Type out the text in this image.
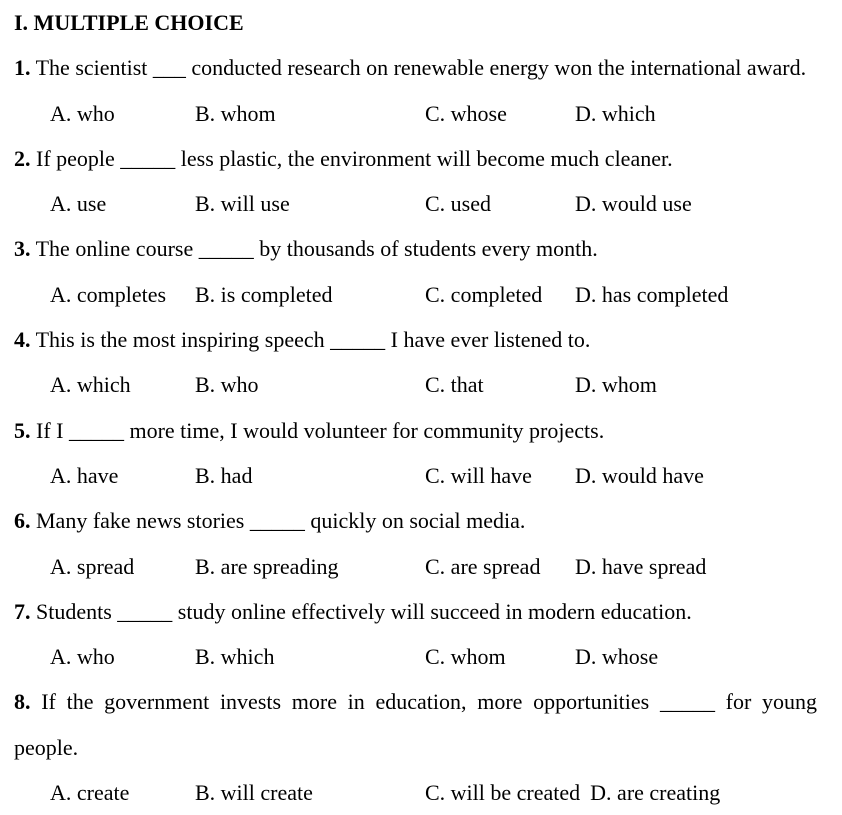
I. MULTIPLE CHOICE
1. The scientist ___ conducted research on renewable energy won the international award.
A. who	B. whom	C. whose	D. which
2. If people _____ less plastic, the environment will become much cleaner.
A. use	B. will use	C. used	D. would use
3. The online course _____ by thousands of students every month.
A. completes	B. is completed	C. completed	D. has completed
4. This is the most inspiring speech _____ I have ever listened to.
A. which	B. who	C. that	D. whom
5. If I _____ more time, I would volunteer for community projects.
A. have	B. had	C. will have	D. would have
6. Many fake news stories _____ quickly on social media.
A. spread	B. are spreading	C. are spread	D. have spread
7. Students _____ study online effectively will succeed in modern education.
A. who	B. which	C. whom	D. whose
8. If the government invests more in education, more opportunities _____ for young
people.
A. create	B. will create	C. will be created D. are creating
